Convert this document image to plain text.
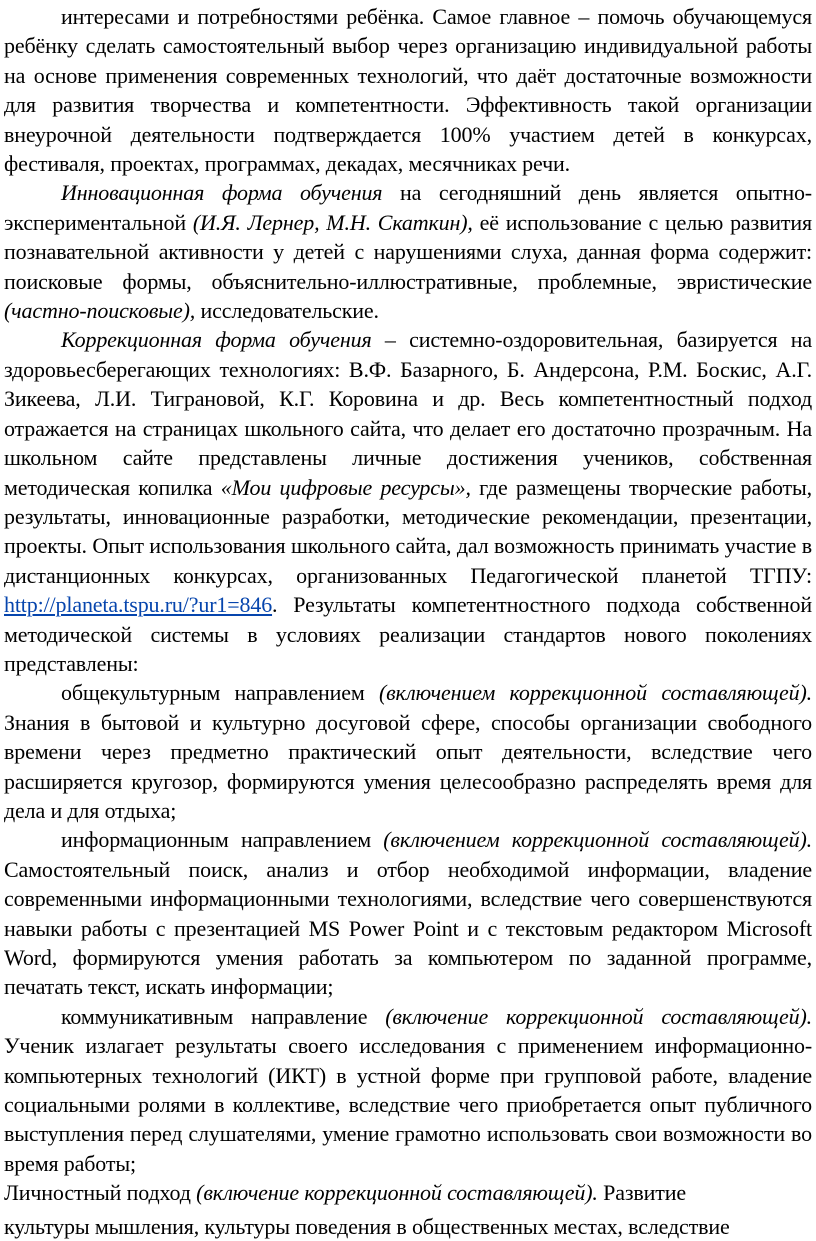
интересами и потребностями ребёнка. Самое главное – помочь обучающемуся ребёнку сделать самостоятельный выбор через организацию индивидуальной работы на основе применения современных технологий, что даёт достаточные возможности для развития творчества и компетентности. Эффективность такой организации внеурочной деятельности подтверждается 100% участием детей в конкурсах, фестиваля, проектах, программах, декадах, месячниках речи.

Инновационная форма обучения на сегодняшний день является опытно-экспериментальной (И.Я. Лернер, М.Н. Скаткин), её использование с целью развития познавательной активности у детей с нарушениями слуха, данная форма содержит: поисковые формы, объяснительно-иллюстративные, проблемные, эвристические (частно-поисковые), исследовательские.

Коррекционная форма обучения – системно-оздоровительная, базируется на здоровьесберегающих технологиях: В.Ф. Базарного, Б. Андерсона, Р.М. Боскис, А.Г. Зикеева, Л.И. Тиграновой, К.Г. Коровина и др. Весь компетентностный подход отражается на страницах школьного сайта, что делает его достаточно прозрачным. На школьном сайте представлены личные достижения учеников, собственная методическая копилка «Мои цифровые ресурсы», где размещены творческие работы, результаты, инновационные разработки, методические рекомендации, презентации, проекты. Опыт использования школьного сайта, дал возможность принимать участие в дистанционных конкурсах, организованных Педагогической планетой ТГПУ: http://planeta.tspu.ru/?ur1=846. Результаты компетентностного подхода собственной методической системы в условиях реализации стандартов нового поколениях представлены:

общекультурным направлением (включением коррекционной составляющей). Знания в бытовой и культурно досуговой сфере, способы организации свободного времени через предметно практический опыт деятельности, вследствие чего расширяется кругозор, формируются умения целесообразно распределять время для дела и для отдыха;

информационным направлением (включением коррекционной составляющей). Самостоятельный поиск, анализ и отбор необходимой информации, владение современными информационными технологиями, вследствие чего совершенствуются навыки работы с презентацией MS Power Point и с текстовым редактором Microsoft Word, формируются умения работать за компьютером по заданной программе, печатать текст, искать информации;

коммуникативным направление (включение коррекционной составляющей). Ученик излагает результаты своего исследования с применением информационно-компьютерных технологий (ИКТ) в устной форме при групповой работе, владение социальными ролями в коллективе, вследствие чего приобретается опыт публичного выступления перед слушателями, умение грамотно использовать свои возможности во время работы;

Личностный подход (включение коррекционной составляющей). Развитие

культуры мышления, культуры поведения в общественных местах, вследствие
